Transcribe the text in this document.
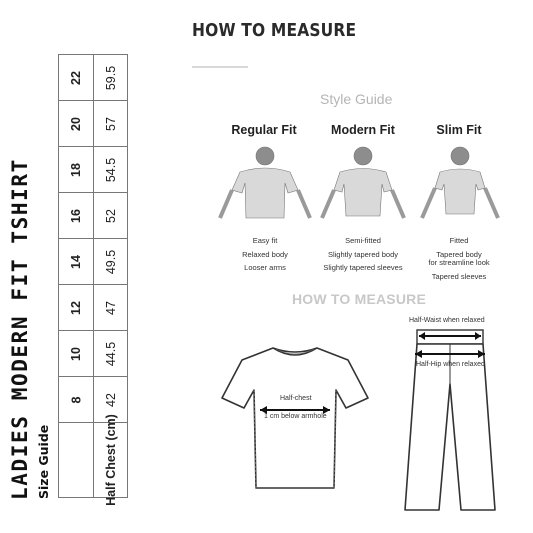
LADIES MODERN FIT TSHIRT Size Guide
22 59.5
20 57
18 54.5
16 52
14 49.5
12 47
10 44.5
8 42
Half Chest (cm)
HOW TO MEASURE
Style Guide
Regular Fit	Modern Fit	Slim Fit
Easy fit
Relaxed body
Looser arms
Semi-fitted
Slightly tapered body
Slightly tapered sleeves
Fitted
Tapered body
for streamline look
Tapered sleeves
HOW TO MEASURE
Half-chest
1 cm below armhole
Half-Waist when relaxed
Half-Hip when relaxed
